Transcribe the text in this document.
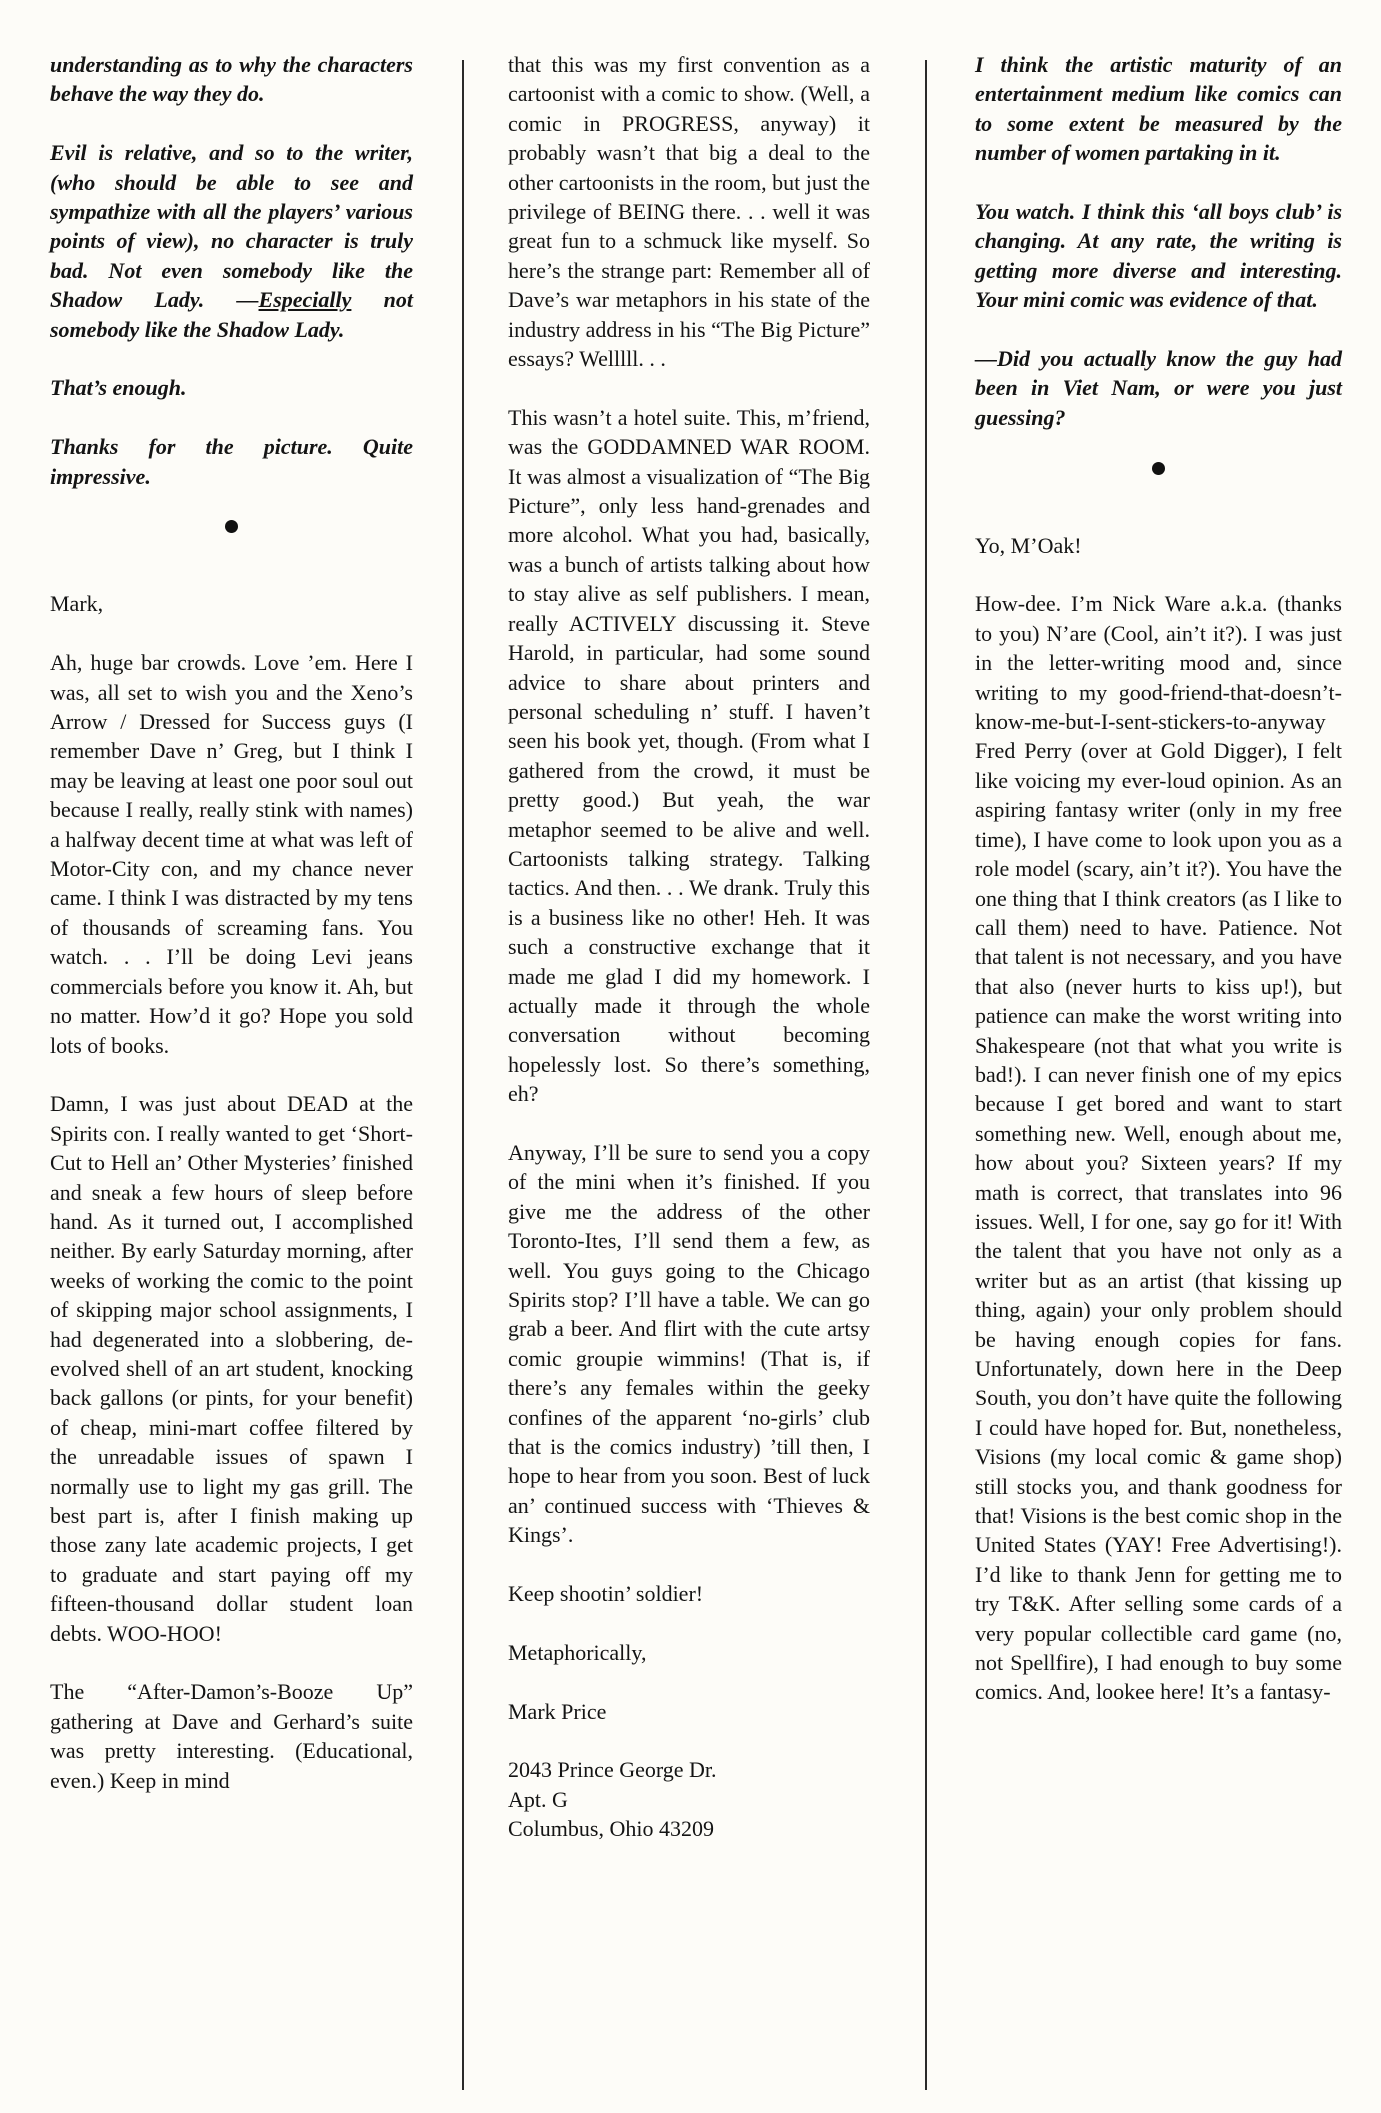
understanding as to why the characters behave the way they do.

Evil is relative, and so to the writer, (who should be able to see and sympathize with all the players’ various points of view), no character is truly bad. Not even somebody like the Shadow Lady. —Especially not somebody like the Shadow Lady.

That’s enough.

Thanks for the picture. Quite impressive.

Mark,

Ah, huge bar crowds. Love ’em. Here I was, all set to wish you and the Xeno’s Arrow / Dressed for Success guys (I remember Dave n’ Greg, but I think I may be leaving at least one poor soul out because I really, really stink with names) a halfway decent time at what was left of Motor-City con, and my chance never came. I think I was distracted by my tens of thousands of screaming fans. You watch. . . I’ll be doing Levi jeans commercials before you know it. Ah, but no matter. How’d it go? Hope you sold lots of books.

Damn, I was just about DEAD at the Spirits con. I really wanted to get ‘Short-Cut to Hell an’ Other Mysteries’ finished and sneak a few hours of sleep before hand. As it turned out, I accomplished neither. By early Saturday morning, after weeks of working the comic to the point of skipping major school assignments, I had degenerated into a slobbering, de-evolved shell of an art student, knocking back gallons (or pints, for your benefit) of cheap, mini-mart coffee filtered by the unreadable issues of spawn I normally use to light my gas grill. The best part is, after I finish making up those zany late academic projects, I get to graduate and start paying off my fifteen-thousand dollar student loan debts. WOO-HOO!

The “After-Damon’s-Booze Up” gathering at Dave and Gerhard’s suite was pretty interesting. (Educational, even.) Keep in mind

that this was my first convention as a cartoonist with a comic to show. (Well, a comic in PROGRESS, anyway) it probably wasn’t that big a deal to the other cartoonists in the room, but just the privilege of BEING there. . . well it was great fun to a schmuck like myself. So here’s the strange part: Remember all of Dave’s war metaphors in his state of the industry address in his “The Big Picture” essays? Welllll. . .

This wasn’t a hotel suite. This, m’friend, was the GODDAMNED WAR ROOM. It was almost a visualization of “The Big Picture”, only less hand-grenades and more alcohol. What you had, basically, was a bunch of artists talking about how to stay alive as self publishers. I mean, really ACTIVELY discussing it. Steve Harold, in particular, had some sound advice to share about printers and personal scheduling n’ stuff. I haven’t seen his book yet, though. (From what I gathered from the crowd, it must be pretty good.) But yeah, the war metaphor seemed to be alive and well. Cartoonists talking strategy. Talking tactics. And then. . . We drank. Truly this is a business like no other! Heh. It was such a constructive exchange that it made me glad I did my homework. I actually made it through the whole conversation without becoming hopelessly lost. So there’s something, eh?

Anyway, I’ll be sure to send you a copy of the mini when it’s finished. If you give me the address of the other Toronto-Ites, I’ll send them a few, as well. You guys going to the Chicago Spirits stop? I’ll have a table. We can go grab a beer. And flirt with the cute artsy comic groupie wimmins! (That is, if there’s any females within the geeky confines of the apparent ‘no-girls’ club that is the comics industry) ’till then, I hope to hear from you soon. Best of luck an’ continued success with ‘Thieves & Kings’.

Keep shootin’ soldier!

Metaphorically,

Mark Price

2043 Prince George Dr.
Apt. G
Columbus, Ohio 43209

I think the artistic maturity of an entertainment medium like comics can to some extent be measured by the number of women partaking in it.

You watch. I think this ‘all boys club’ is changing. At any rate, the writing is getting more diverse and interesting. Your mini comic was evidence of that.

—Did you actually know the guy had been in Viet Nam, or were you just guessing?

Yo, M’Oak!

How-dee. I’m Nick Ware a.k.a. (thanks to you) N’are (Cool, ain’t it?). I was just in the letter-writing mood and, since writing to my good-friend-that-doesn’t-know-me-but-I-sent-stickers-to-anyway Fred Perry (over at Gold Digger), I felt like voicing my ever-loud opinion. As an aspiring fantasy writer (only in my free time), I have come to look upon you as a role model (scary, ain’t it?). You have the one thing that I think creators (as I like to call them) need to have. Patience. Not that talent is not necessary, and you have that also (never hurts to kiss up!), but patience can make the worst writing into Shakespeare (not that what you write is bad!). I can never finish one of my epics because I get bored and want to start something new. Well, enough about me, how about you? Sixteen years? If my math is correct, that translates into 96 issues. Well, I for one, say go for it! With the talent that you have not only as a writer but as an artist (that kissing up thing, again) your only problem should be having enough copies for fans. Unfortunately, down here in the Deep South, you don’t have quite the following I could have hoped for. But, nonetheless, Visions (my local comic & game shop) still stocks you, and thank goodness for that! Visions is the best comic shop in the United States (YAY! Free Advertising!). I’d like to thank Jenn for getting me to try T&K. After selling some cards of a very popular collectible card game (no, not Spellfire), I had enough to buy some comics. And, lookee here! It’s a fantasy-
